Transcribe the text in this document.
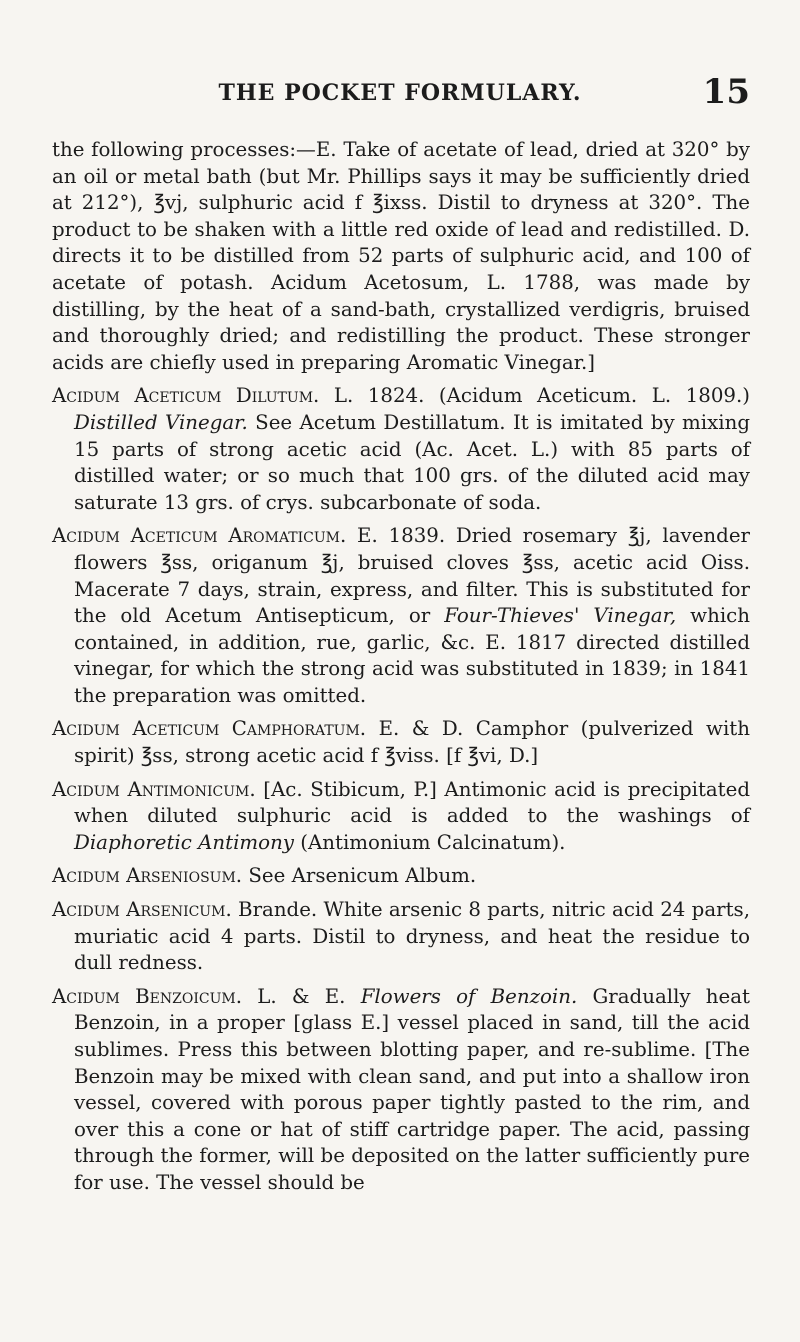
THE POCKET FORMULARY.	15

the following processes:—E. Take of acetate of lead, dried at 320° by an oil or metal bath (but Mr. Phillips says it may be sufficiently dried at 212°), ℥vj, sulphuric acid f ℥ixss. Distil to dryness at 320°. The product to be shaken with a little red oxide of lead and redistilled. D. directs it to be distilled from 52 parts of sulphuric acid, and 100 of acetate of potash. Acidum Acetosum, L. 1788, was made by distilling, by the heat of a sand-bath, crystallized verdigris, bruised and thoroughly dried; and redistilling the product. These stronger acids are chiefly used in preparing Aromatic Vinegar.]

Acidum Aceticum Dilutum. L. 1824. (Acidum Aceticum. L. 1809.) Distilled Vinegar. See Acetum Destillatum. It is imitated by mixing 15 parts of strong acetic acid (Ac. Acet. L.) with 85 parts of distilled water; or so much that 100 grs. of the diluted acid may saturate 13 grs. of crys. subcarbonate of soda.

Acidum Aceticum Aromaticum. E. 1839. Dried rosemary ℥j, lavender flowers ℥ss, origanum ℥j, bruised cloves ℥ss, acetic acid Oiss. Macerate 7 days, strain, express, and filter. This is substituted for the old Acetum Antisepticum, or Four-Thieves' Vinegar, which contained, in addition, rue, garlic, &c. E. 1817 directed distilled vinegar, for which the strong acid was substituted in 1839; in 1841 the preparation was omitted.

Acidum Aceticum Camphoratum. E. & D. Camphor (pulverized with spirit) ℥ss, strong acetic acid f ℥viss. [f ℥vi, D.]

Acidum Antimonicum. [Ac. Stibicum, P.] Antimonic acid is precipitated when diluted sulphuric acid is added to the washings of Diaphoretic Antimony (Antimonium Calcinatum).

Acidum Arseniosum. See Arsenicum Album.

Acidum Arsenicum. Brande. White arsenic 8 parts, nitric acid 24 parts, muriatic acid 4 parts. Distil to dryness, and heat the residue to dull redness.

Acidum Benzoicum. L. & E. Flowers of Benzoin. Gradually heat Benzoin, in a proper [glass E.] vessel placed in sand, till the acid sublimes. Press this between blotting paper, and re-sublime. [The Benzoin may be mixed with clean sand, and put into a shallow iron vessel, covered with porous paper tightly pasted to the rim, and over this a cone or hat of stiff cartridge paper. The acid, passing through the former, will be deposited on the latter sufficiently pure for use. The vessel should be
